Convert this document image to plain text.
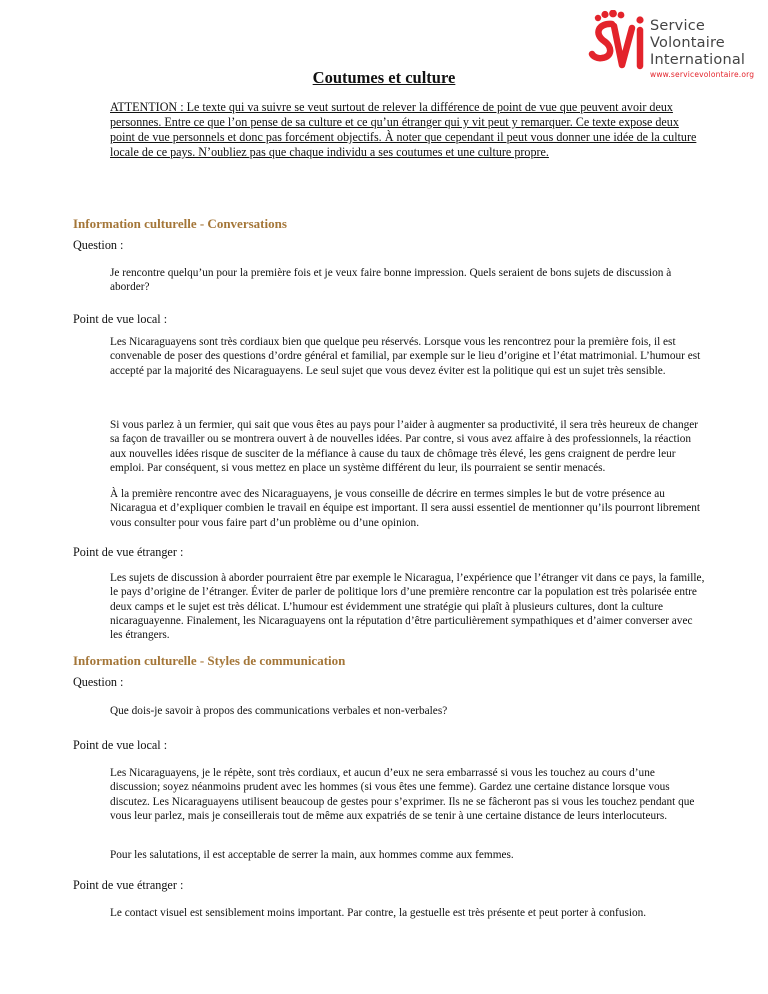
Service
Volontaire
International
www.servicevolontaire.org
Coutumes et culture
ATTENTION : Le texte qui va suivre se veut surtout de relever la différence de point de vue que peuvent avoir deux personnes. Entre ce que l’on pense de sa culture et ce qu’un étranger qui y vit peut y remarquer. Ce texte expose deux point de vue personnels et donc pas forcément objectifs. À noter que cependant il peut vous donner une idée de la culture locale de ce pays. N’oubliez pas que chaque individu a ses coutumes et une culture propre.
Information culturelle - Conversations
Question :
Je rencontre quelqu’un pour la première fois et je veux faire bonne impression. Quels seraient de bons sujets de discussion à aborder?
Point de vue local :
Les Nicaraguayens sont très cordiaux bien que quelque peu réservés. Lorsque vous les rencontrez pour la première fois, il est convenable de poser des questions d’ordre général et familial, par exemple sur le lieu d’origine et l’état matrimonial. L’humour est accepté par la majorité des Nicaraguayens. Le seul sujet que vous devez éviter est la politique qui est un sujet très sensible.
Si vous parlez à un fermier, qui sait que vous êtes au pays pour l’aider à augmenter sa productivité, il sera très heureux de changer sa façon de travailler ou se montrera ouvert à de nouvelles idées. Par contre, si vous avez affaire à des professionnels, la réaction aux nouvelles idées risque de susciter de la méfiance à cause du taux de chômage très élevé, les gens craignent de perdre leur emploi. Par conséquent, si vous mettez en place un système différent du leur, ils pourraient se sentir menacés.
À la première rencontre avec des Nicaraguayens, je vous conseille de décrire en termes simples le but de votre présence au Nicaragua et d’expliquer combien le travail en équipe est important. Il sera aussi essentiel de mentionner qu’ils pourront librement vous consulter pour vous faire part d’un problème ou d’une opinion.
Point de vue étranger :
Les sujets de discussion à aborder pourraient être par exemple le Nicaragua, l’expérience que l’étranger vit dans ce pays, la famille, le pays d’origine de l’étranger. Éviter de parler de politique lors d’une première rencontre car la population est très polarisée entre deux camps et le sujet est très délicat. L’humour est évidemment une stratégie qui plaît à plusieurs cultures, dont la culture nicaraguayenne. Finalement, les Nicaraguayens ont la réputation d’être particulièrement sympathiques et d’aimer converser avec les étrangers.
Information culturelle - Styles de communication
Question :
Que dois-je savoir à propos des communications verbales et non-verbales?
Point de vue local :
Les Nicaraguayens, je le répète, sont très cordiaux, et aucun d’eux ne sera embarrassé si vous les touchez au cours d’une discussion; soyez néanmoins prudent avec les hommes (si vous êtes une femme). Gardez une certaine distance lorsque vous discutez. Les Nicaraguayens utilisent beaucoup de gestes pour s’exprimer. Ils ne se fâcheront pas si vous les touchez pendant que vous leur parlez, mais je conseillerais tout de même aux expatriés de se tenir à une certaine distance de leurs interlocuteurs.
Pour les salutations, il est acceptable de serrer la main, aux hommes comme aux femmes.
Point de vue étranger :
Le contact visuel est sensiblement moins important. Par contre, la gestuelle est très présente et peut porter à confusion.
